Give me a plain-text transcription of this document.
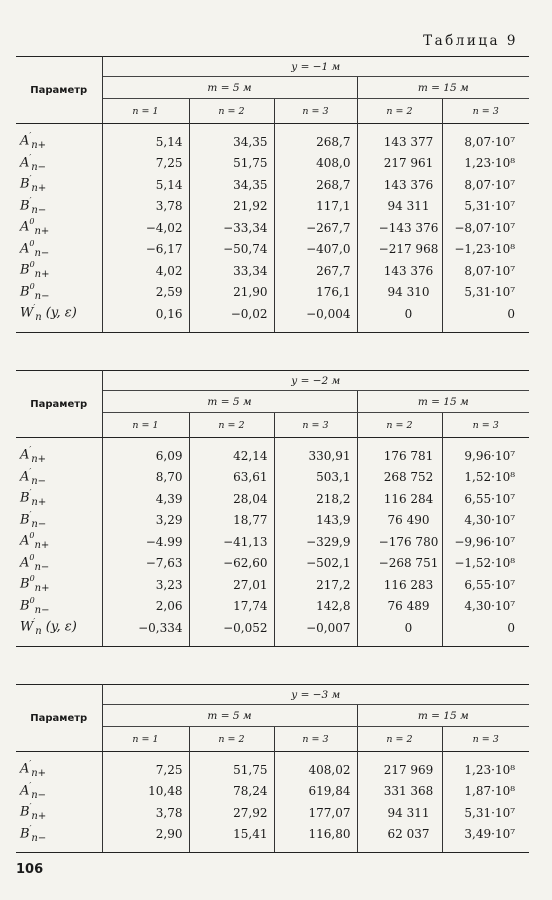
Таблица 9
Параметр	y = −1 м				
	m = 5 м			m = 15 м	
	n = 1	n = 2	n = 3	n = 2	n = 3

$A'_{n+}$	5,14	34,35	268,7	143 377	8,07·10⁷
$A'_{n-}$	7,25	51,75	408,0	217 961	1,23·10⁸
$B'_{n+}$	5,14	34,35	268,7	143 376	8,07·10⁷
$B'_{n-}$	3,78	21,92	117,1	94 311	5,31·10⁷
$A^0_{n+}$	−4,02	−33,34	−267,7	−143 376	−8,07·10⁷
$A^0_{n-}$	−6,17	−50,74	−407,0	−217 968	−1,23·10⁸
$B^0_{n+}$	4,02	33,34	267,7	143 376	8,07·10⁷
$B^0_{n-}$	2,59	21,90	176,1	94 310	5,31·10⁷
$W'_n$ (y, ε)	0,16	−0,02	−0,004	0	0

Параметр	y = −2 м				
	m = 5 м			m = 15 м	
	n = 1	n = 2	n = 3	n = 2	n = 3

$A'_{n+}$	6,09	42,14	330,91	176 781	9,96·10⁷
$A'_{n-}$	8,70	63,61	503,1	268 752	1,52·10⁸
$B'_{n+}$	4,39	28,04	218,2	116 284	6,55·10⁷
$B'_{n-}$	3,29	18,77	143,9	76 490	4,30·10⁷
$A^0_{n+}$	−4.99	−41,13	−329,9	−176 780	−9,96·10⁷
$A^0_{n-}$	−7,63	−62,60	−502,1	−268 751	−1,52·10⁸
$B^0_{n+}$	3,23	27,01	217,2	116 283	6,55·10⁷
$B^0_{n-}$	2,06	17,74	142,8	76 489	4,30·10⁷
$W'_n$ (y, ε)	−0,334	−0,052	−0,007	0	0

Параметр	y = −3 м				
	m = 5 м			m = 15 м	
	n = 1	n = 2	n = 3	n = 2	n = 3

$A'_{n+}$	7,25	51,75	408,02	217 969	1,23·10⁸
$A'_{n-}$	10,48	78,24	619,84	331 368	1,87·10⁸
$B'_{n+}$	3,78	27,92	177,07	94 311	5,31·10⁷
$B'_{n-}$	2,90	15,41	116,80	62 037	3,49·10⁷

106
